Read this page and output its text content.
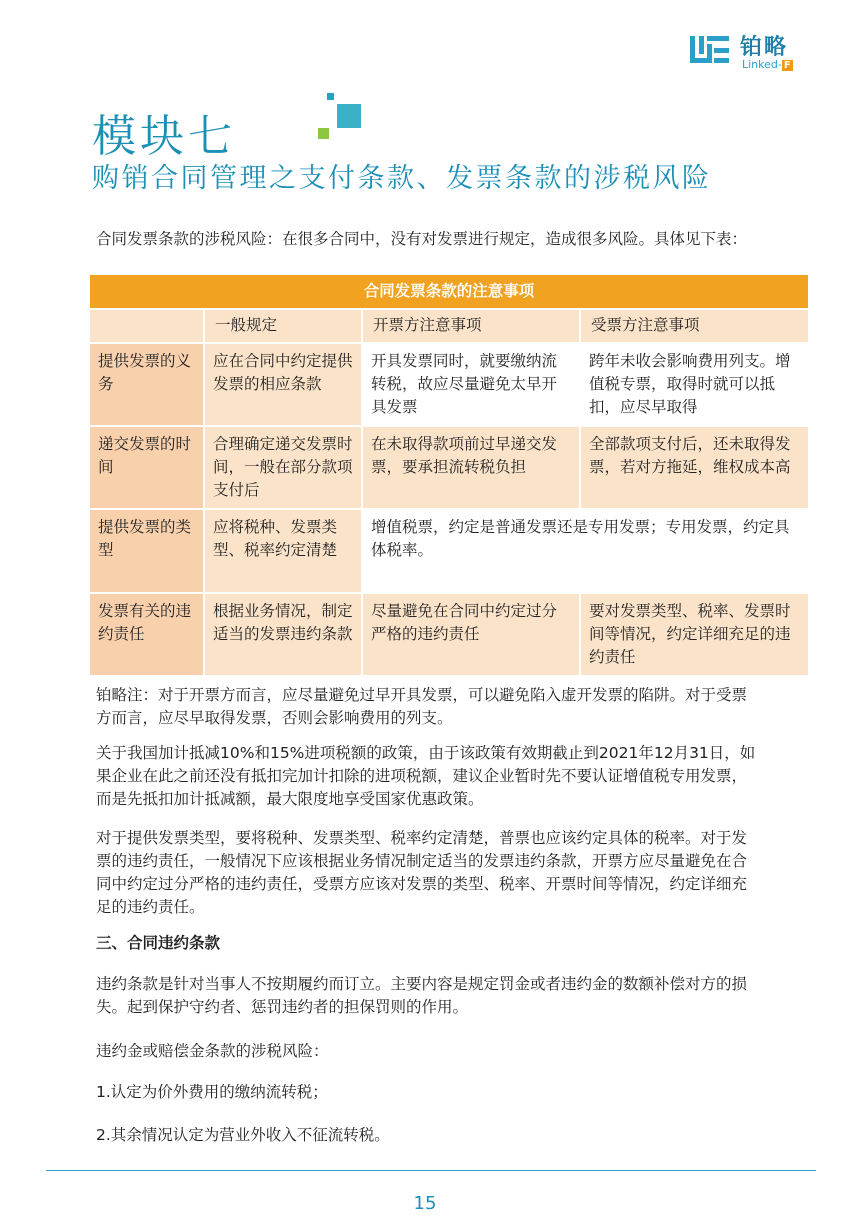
铂略
Linked- F
模块七
购销合同管理之支付条款、发票条款的涉税风险

合同发票条款的涉税风险：在很多合同中，没有对发票进行规定，造成很多风险。具体见下表：

合同发票条款的注意事项			
	一般规定	开票方注意事项	受票方注意事项
提供发票的义务	应在合同中约定提供发票的相应条款	开具发票同时，就要缴纳流转税，故应尽量避免太早开具发票	跨年未收会影响费用列支。增值税专票，取得时就可以抵扣，应尽早取得
递交发票的时间	合理确定递交发票时间，一般在部分款项支付后	在未取得款项前过早递交发票，要承担流转税负担	全部款项支付后，还未取得发票，若对方拖延，维权成本高
提供发票的类型	应将税种、发票类型、税率约定清楚	增值税票，约定是普通发票还是专用发票；专用发票，约定具体税率。	
发票有关的违约责任	根据业务情况，制定适当的发票违约条款	尽量避免在合同中约定过分严格的违约责任	要对发票类型、税率、发票时间等情况，约定详细充足的违约责任

铂略注：对于开票方而言，应尽量避免过早开具发票，可以避免陷入虚开发票的陷阱。对于受票方而言，应尽早取得发票，否则会影响费用的列支。

关于我国加计抵减10%和15%进项税额的政策，由于该政策有效期截止到2021年12月31日，如果企业在此之前还没有抵扣完加计扣除的进项税额，建议企业暂时先不要认证增值税专用发票，而是先抵扣加计抵减额，最大限度地享受国家优惠政策。

对于提供发票类型，要将税种、发票类型、税率约定清楚，普票也应该约定具体的税率。对于发票的违约责任，一般情况下应该根据业务情况制定适当的发票违约条款，开票方应尽量避免在合同中约定过分严格的违约责任，受票方应该对发票的类型、税率、开票时间等情况，约定详细充足的违约责任。

三、合同违约条款

违约条款是针对当事人不按期履约而订立。主要内容是规定罚金或者违约金的数额补偿对方的损失。起到保护守约者、惩罚违约者的担保罚则的作用。

违约金或赔偿金条款的涉税风险：

1.认定为价外费用的缴纳流转税；

2.其余情况认定为营业外收入不征流转税。

15
